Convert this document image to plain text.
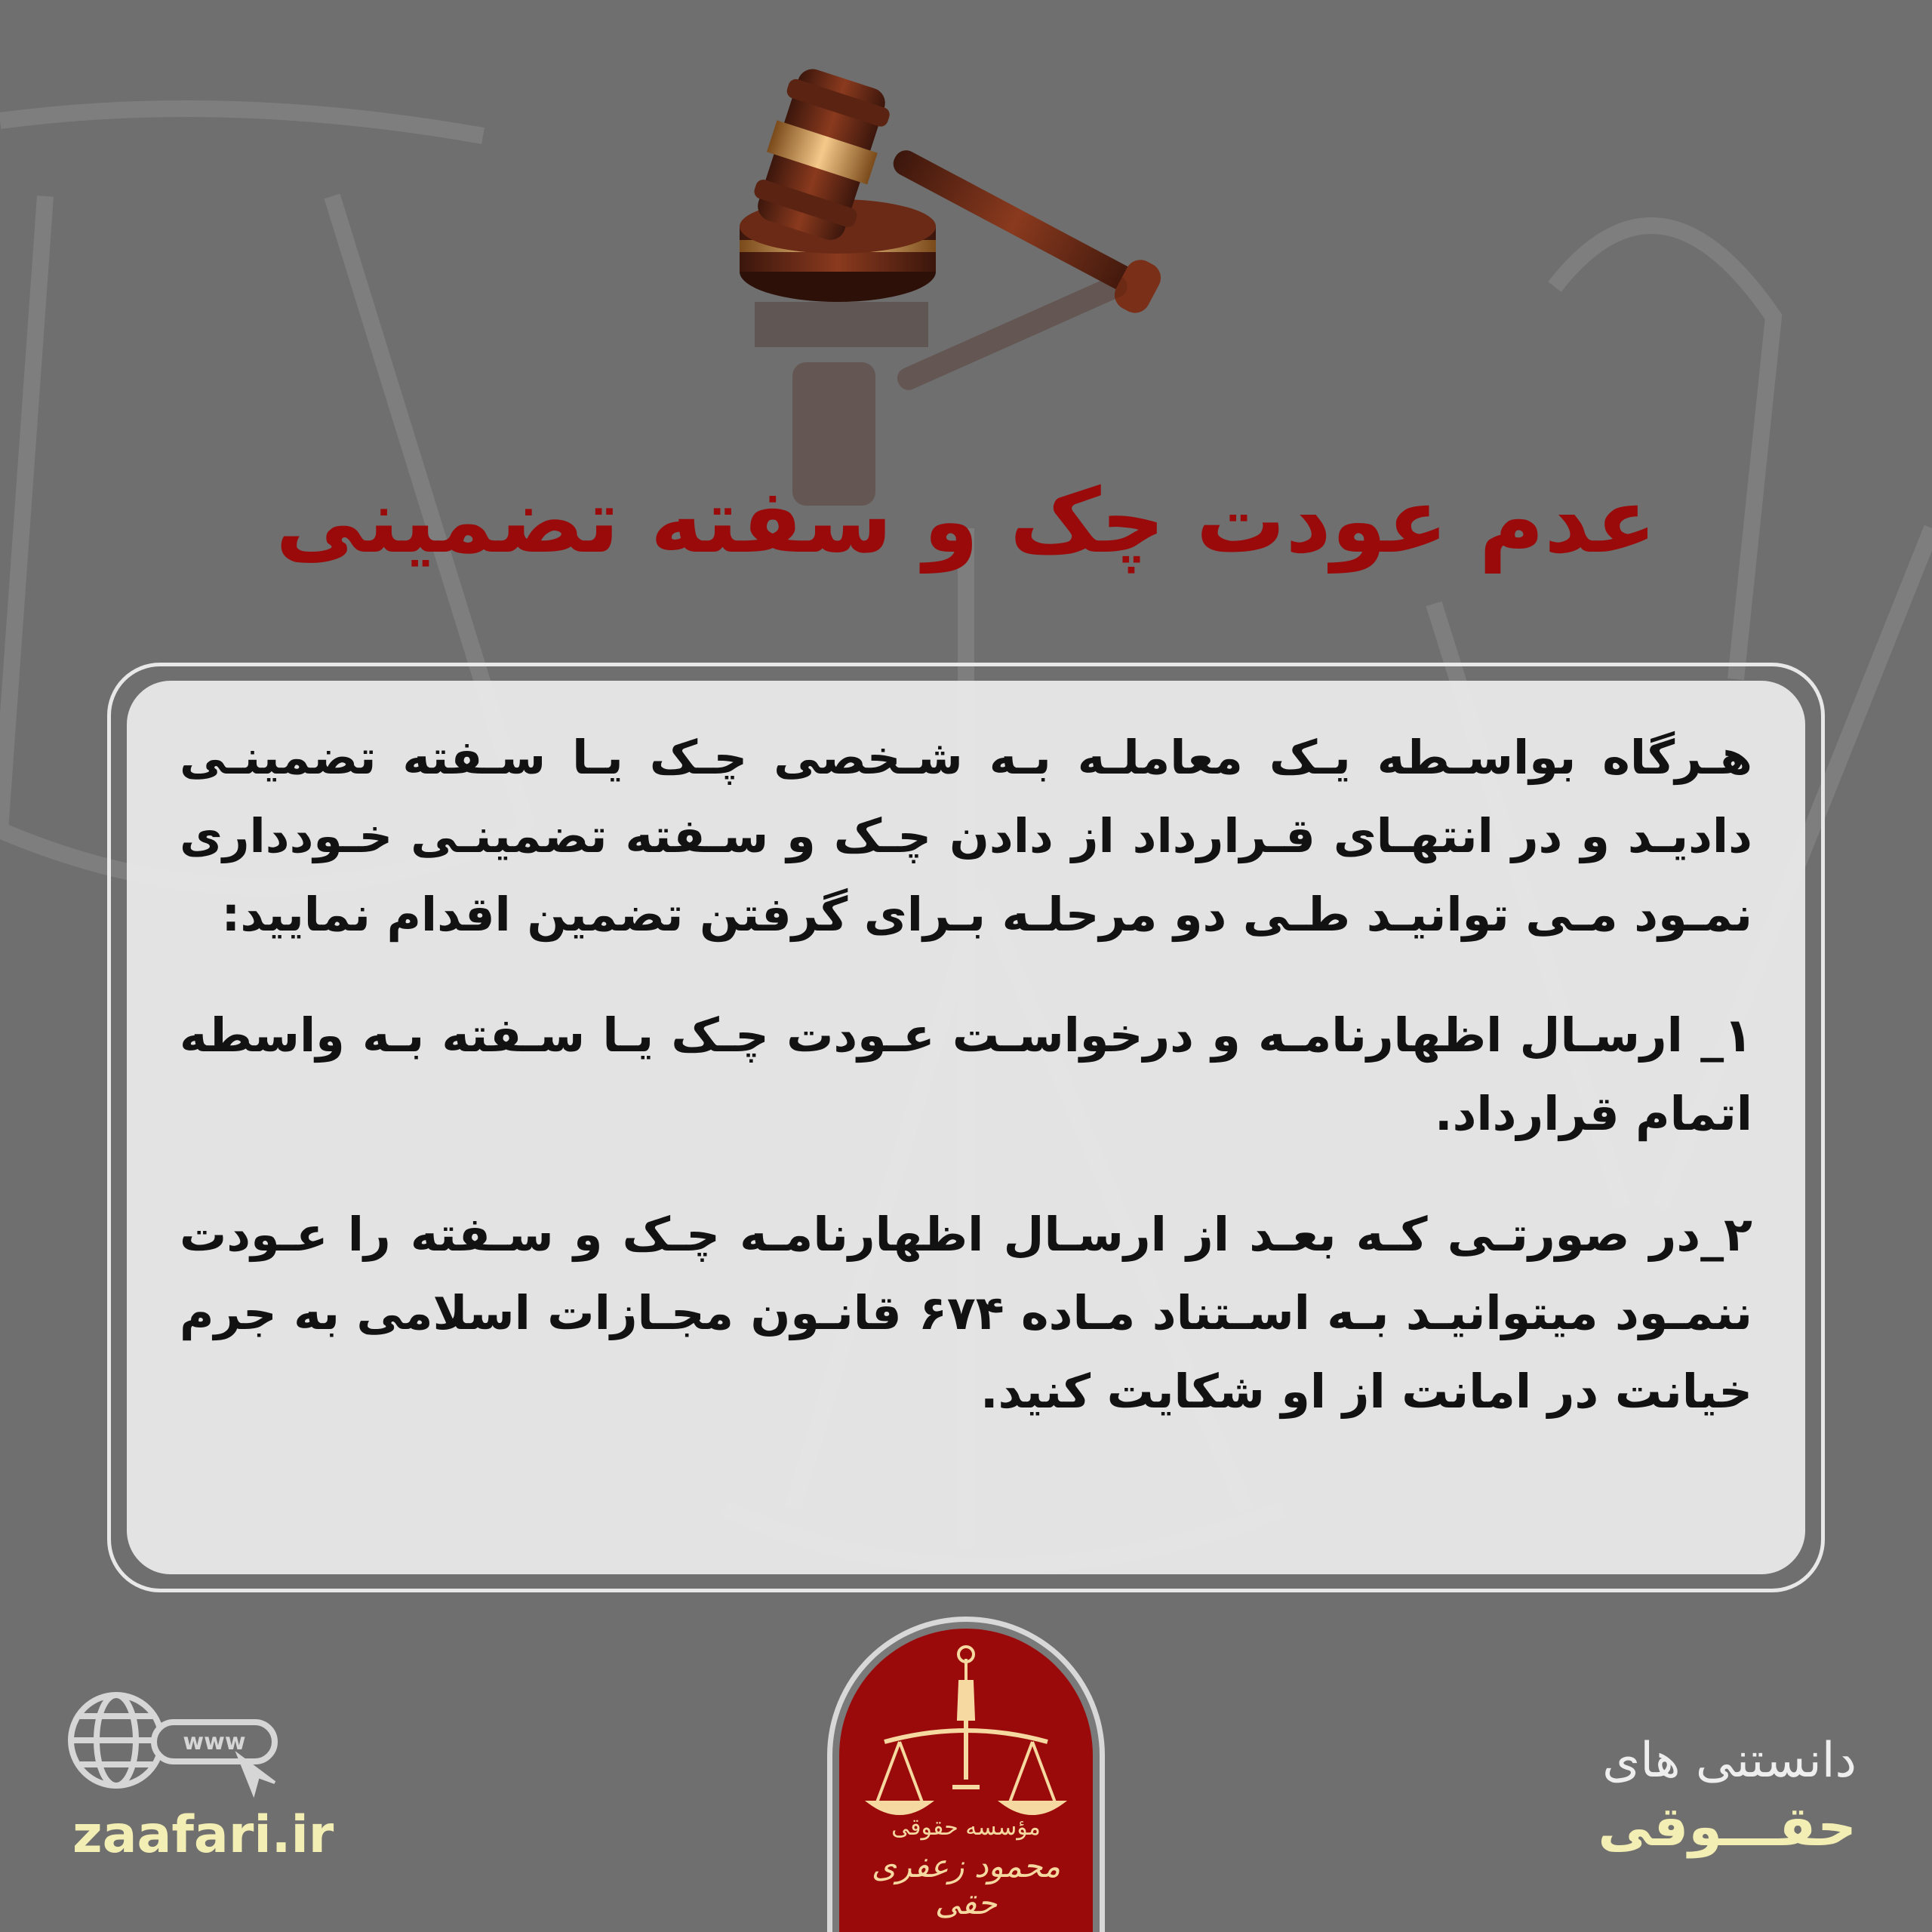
عدم عودت چک و سفته تضمینی

هـرگاه بواسـطه یـک معاملـه بـه شـخصی چـک یـا سـفته تضمینـی دادیـد و در انتهـای قـرارداد از دادن چـک و سـفته تضمینـی خـودداری نمـود مـی توانیـد طـی دو مرحلـه بـرای گرفتن تضمین اقدام نمایید:

۱_ ارسـال اظهارنامـه و درخواسـت عـودت چـک یـا سـفته بـه واسطه اتمام قرارداد.

۲_در صورتـی کـه بعـد از ارسـال اظهارنامـه چـک و سـفته را عـودت ننمـود میتوانیـد بـه اسـتناد مـاده ۶۷۴ قانـون مجـازات اسلامی به جرم خیانت در امانت از او شکایت کنید.

مؤسسه حقوقی
محمود زعفری حقی
www
zaafari.ir
دانستنی های
حقـــوقی
